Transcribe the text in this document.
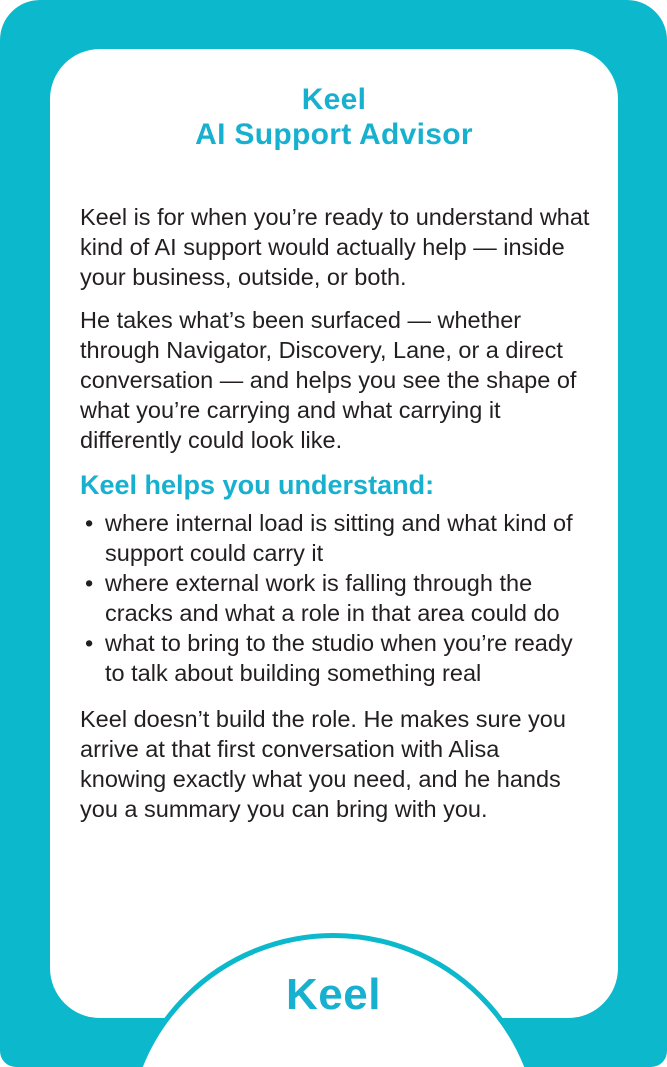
Keel
AI Support Advisor

Keel is for when you’re ready to understand what kind of AI support would actually help — inside your business, outside, or both.

He takes what’s been surfaced — whether through Navigator, Discovery, Lane, or a direct conversation — and helps you see the shape of what you’re carrying and what carrying it differently could look like.

Keel helps you understand:
• where internal load is sitting and what kind of support could carry it
• where external work is falling through the cracks and what a role in that area could do
• what to bring to the studio when you’re ready to talk about building something real

Keel doesn’t build the role. He makes sure you arrive at that first conversation with Alisa knowing exactly what you need, and he hands you a summary you can bring with you.

Keel
